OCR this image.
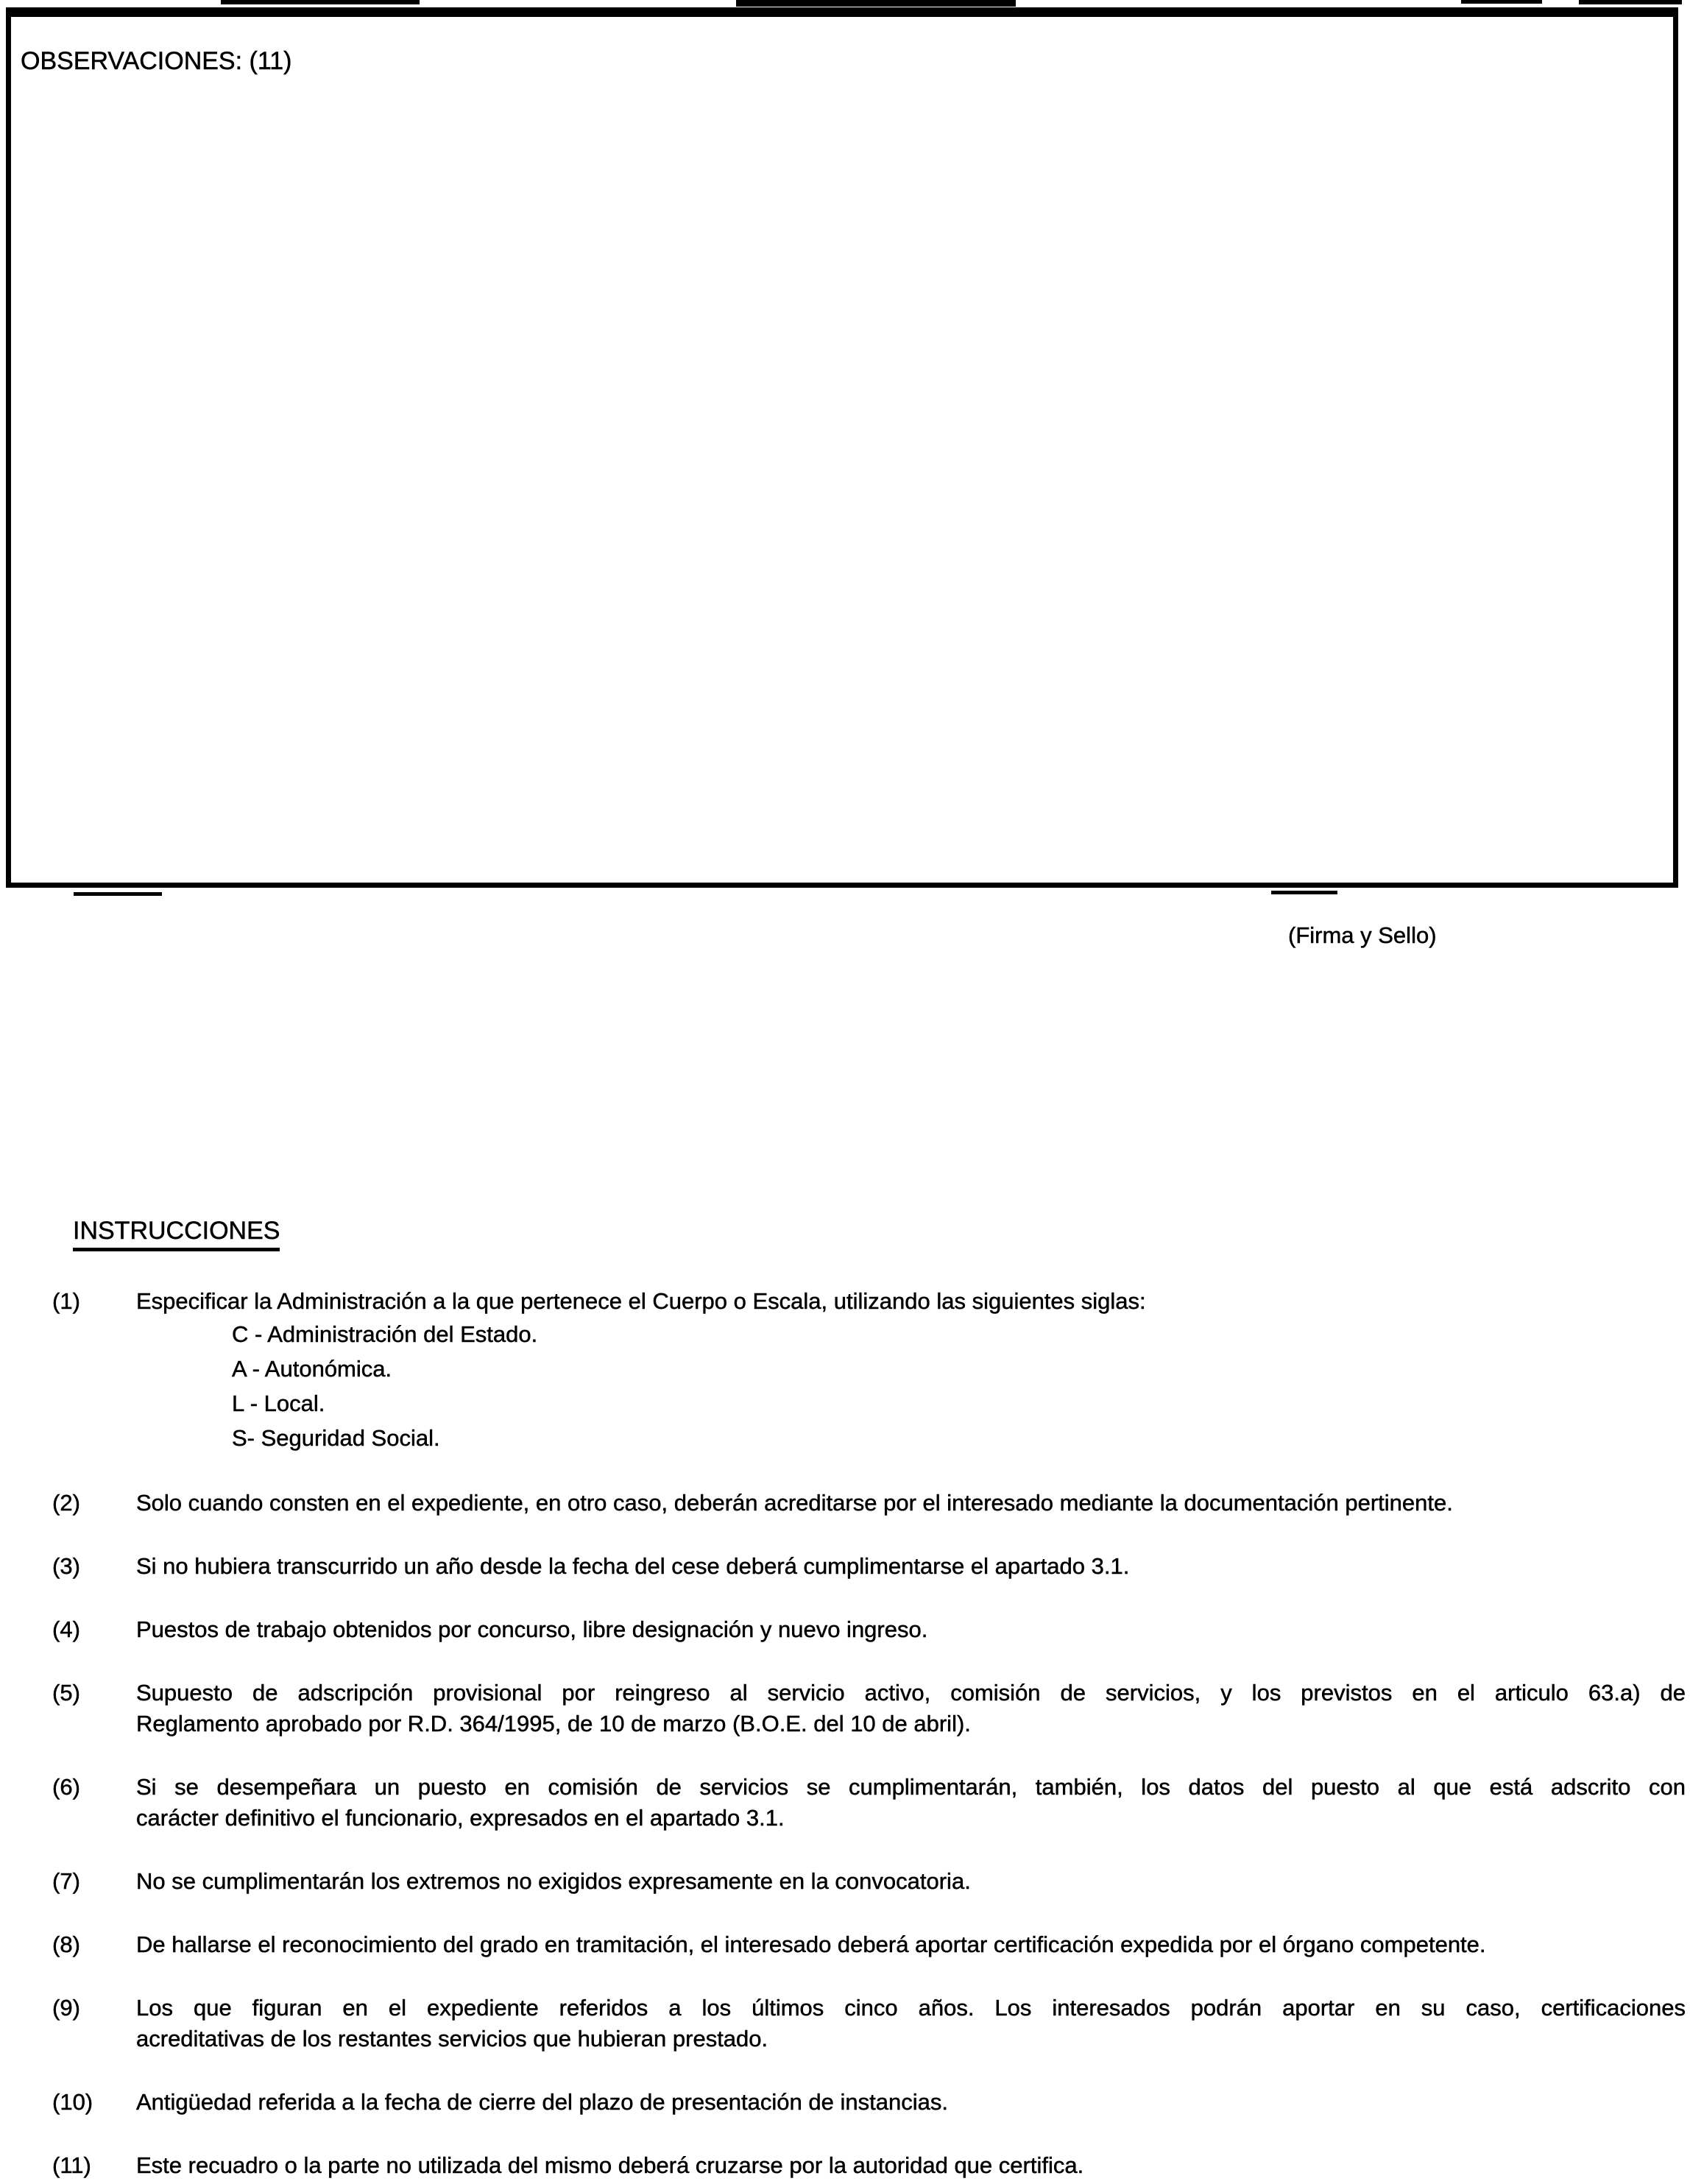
OBSERVACIONES: (11)
(Firma y Sello)
INSTRUCCIONES
(1)	Especificar la Administración a la que pertenece el Cuerpo o Escala, utilizando las siguientes siglas:
C - Administración del Estado.
A - Autonómica.
L - Local.
S- Seguridad Social.
(2)	Solo cuando consten en el expediente, en otro caso, deberán acreditarse por el interesado mediante la documentación pertinente.
(3)	Si no hubiera transcurrido un año desde la fecha del cese deberá cumplimentarse el apartado 3.1.
(4)	Puestos de trabajo obtenidos por concurso, libre designación y nuevo ingreso.
(5)	Supuesto de adscripción provisional por reingreso al servicio activo, comisión de servicios, y los previstos en el articulo 63.a) de
Reglamento aprobado por R.D. 364/1995, de 10 de marzo (B.O.E. del 10 de abril).
(6)	Si se desempeñara un puesto en comisión de servicios se cumplimentarán, también, los datos del puesto al que está adscrito con
carácter definitivo el funcionario, expresados en el apartado 3.1.
(7)	No se cumplimentarán los extremos no exigidos expresamente en la convocatoria.
(8)	De hallarse el reconocimiento del grado en tramitación, el interesado deberá aportar certificación expedida por el órgano competente.
(9)	Los que figuran en el expediente referidos a los últimos cinco años. Los interesados podrán aportar en su caso, certificaciones
acreditativas de los restantes servicios que hubieran prestado.
(10)	Antigüedad referida a la fecha de cierre del plazo de presentación de instancias.
(11)	Este recuadro o la parte no utilizada del mismo deberá cruzarse por la autoridad que certifica.
